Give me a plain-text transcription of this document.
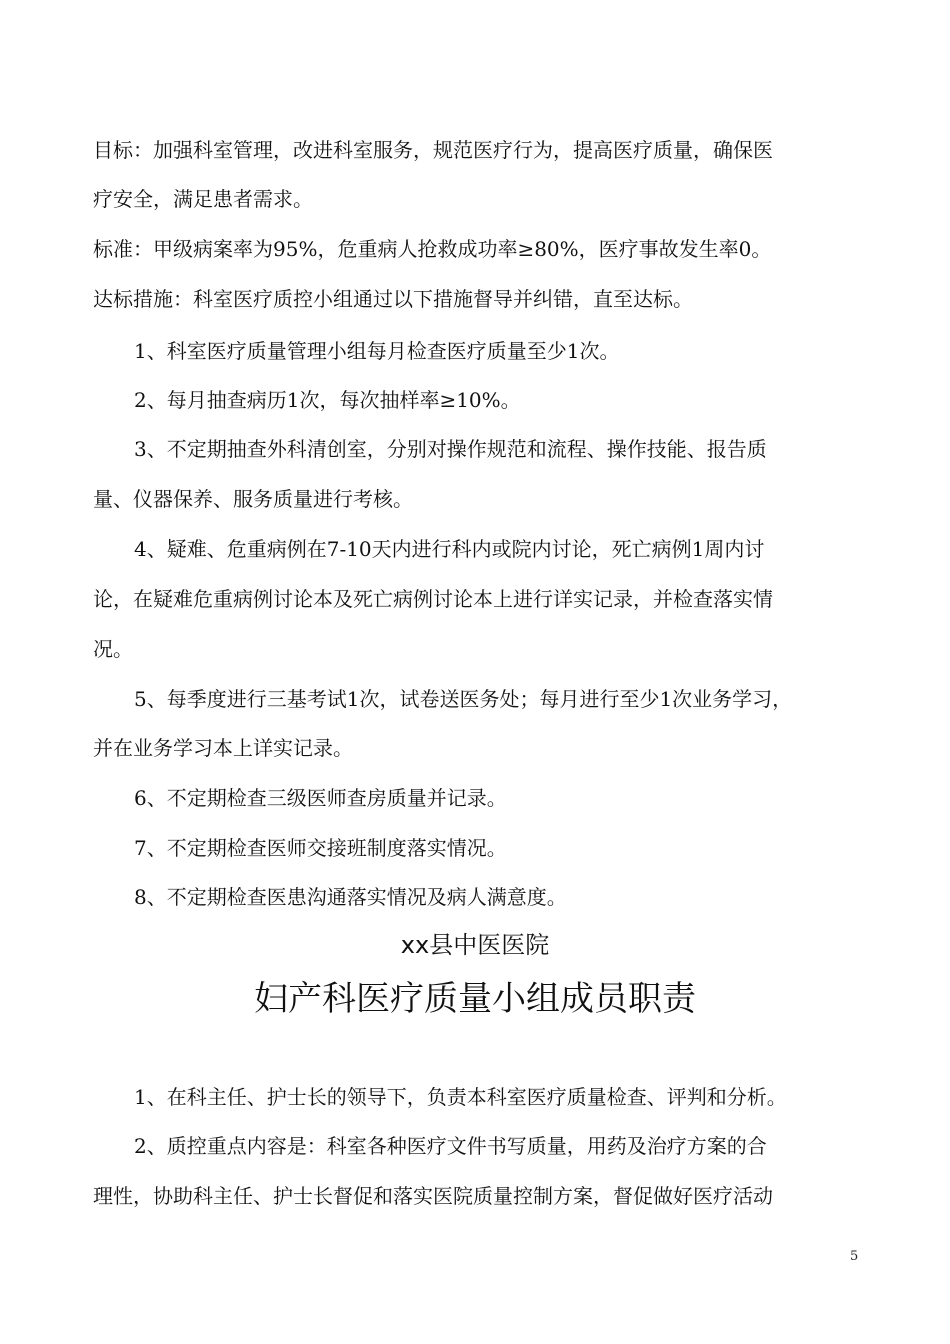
目标：加强科室管理，改进科室服务，规范医疗行为，提高医疗质量，确保医
疗安全，满足患者需求。
标准：甲级病案率为95%，危重病人抢救成功率≥80%，医疗事故发生率0。
达标措施：科室医疗质控小组通过以下措施督导并纠错，直至达标。
1、科室医疗质量管理小组每月检查医疗质量至少1次。
2、每月抽查病历1次，每次抽样率≥10%。
3、不定期抽查外科清创室，分别对操作规范和流程、操作技能、报告质
量、仪器保养、服务质量进行考核。
4、疑难、危重病例在7-10天内进行科内或院内讨论，死亡病例1周内讨
论，在疑难危重病例讨论本及死亡病例讨论本上进行详实记录，并检查落实情
况。
5、每季度进行三基考试1次，试卷送医务处；每月进行至少1次业务学习，
并在业务学习本上详实记录。
6、不定期检查三级医师查房质量并记录。
7、不定期检查医师交接班制度落实情况。
8、不定期检查医患沟通落实情况及病人满意度。
xx县中医医院
妇产科医疗质量小组成员职责
1、在科主任、护士长的领导下，负责本科室医疗质量检查、评判和分析。
2、质控重点内容是：科室各种医疗文件书写质量，用药及治疗方案的合
理性，协助科主任、护士长督促和落实医院质量控制方案，督促做好医疗活动
5
